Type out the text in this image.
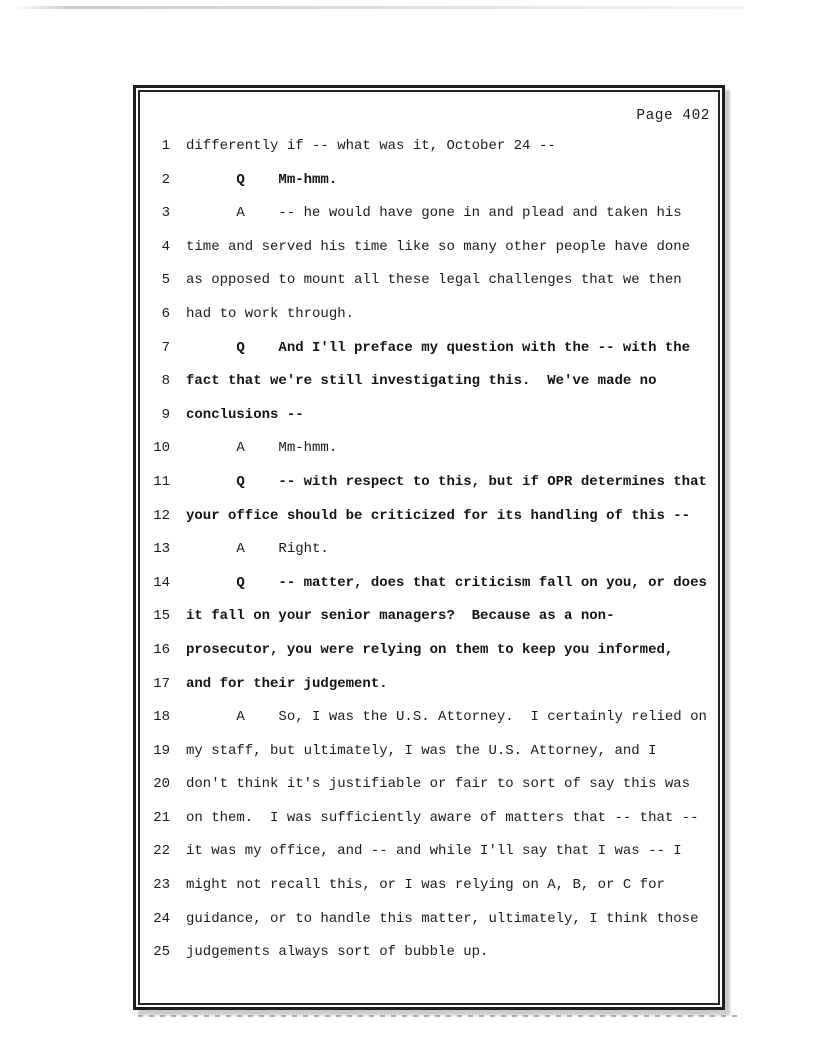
Page 402
1 differently if -- what was it, October 24 --
2 Q    Mm-hmm.
3 A    -- he would have gone in and plead and taken his
4 time and served his time like so many other people have done
5 as opposed to mount all these legal challenges that we then
6 had to work through.
7 Q    And I'll preface my question with the -- with the
8 fact that we're still investigating this.  We've made no
9 conclusions --
10 A    Mm-hmm.
11 Q    -- with respect to this, but if OPR determines that
12 your office should be criticized for its handling of this --
13 A    Right.
14 Q    -- matter, does that criticism fall on you, or does
15 it fall on your senior managers?  Because as a non-
16 prosecutor, you were relying on them to keep you informed,
17 and for their judgement.
18 A    So, I was the U.S. Attorney.  I certainly relied on
19 my staff, but ultimately, I was the U.S. Attorney, and I
20 don't think it's justifiable or fair to sort of say this was
21 on them.  I was sufficiently aware of matters that -- that --
22 it was my office, and -- and while I'll say that I was -- I
23 might not recall this, or I was relying on A, B, or C for
24 guidance, or to handle this matter, ultimately, I think those
25 judgements always sort of bubble up.
